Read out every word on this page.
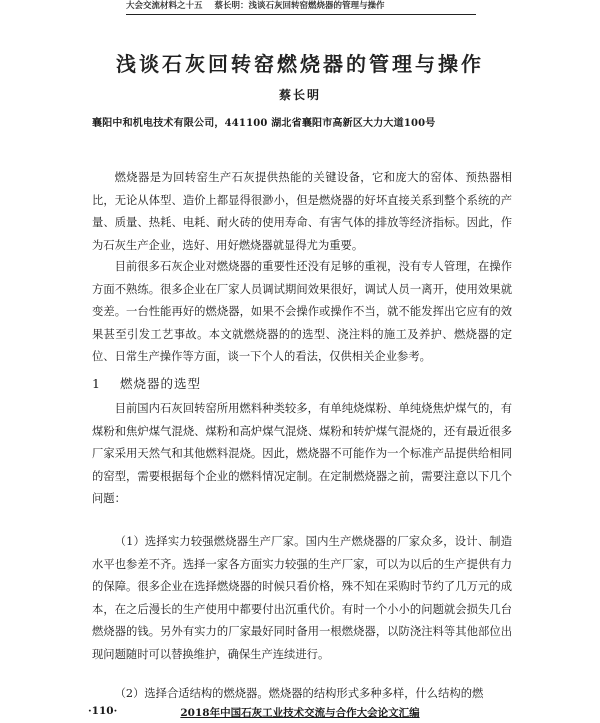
大会交流材料之十五 蔡长明：浅谈石灰回转窑燃烧器的管理与操作
浅谈石灰回转窑燃烧器的管理与操作
蔡长明
襄阳中和机电技术有限公司，441100 湖北省襄阳市高新区大力大道100号

燃烧器是为回转窑生产石灰提供热能的关键设备，它和庞大的窑体、预热器相比，无论从体型、造价上都显得很渺小，但是燃烧器的好坏直接关系到整个系统的产量、质量、热耗、电耗、耐火砖的使用寿命、有害气体的排放等经济指标。因此，作为石灰生产企业，选好、用好燃烧器就显得尤为重要。

目前很多石灰企业对燃烧器的重要性还没有足够的重视，没有专人管理，在操作方面不熟练。很多企业在厂家人员调试期间效果很好，调试人员一离开，使用效果就变差。一台性能再好的燃烧器，如果不会操作或操作不当，就不能发挥出它应有的效果甚至引发工艺事故。本文就燃烧器的的选型、浇注料的施工及养护、燃烧器的定位、日常生产操作等方面，谈一下个人的看法，仅供相关企业参考。

1 燃烧器的选型

目前国内石灰回转窑所用燃料种类较多，有单纯烧煤粉、单纯烧焦炉煤气的，有煤粉和焦炉煤气混烧、煤粉和高炉煤气混烧、煤粉和转炉煤气混烧的，还有最近很多厂家采用天然气和其他燃料混烧。因此，燃烧器不可能作为一个标准产品提供给相同的窑型，需要根据每个企业的燃料情况定制。在定制燃烧器之前，需要注意以下几个问题：

（1）选择实力较强燃烧器生产厂家。国内生产燃烧器的厂家众多，设计、制造水平也参差不齐。选择一家各方面实力较强的生产厂家，可以为以后的生产提供有力的保障。很多企业在选择燃烧器的时候只看价格，殊不知在采购时节约了几万元的成本，在之后漫长的生产使用中都要付出沉重代价。有时一个小小的问题就会损失几台燃烧器的钱。另外有实力的厂家最好同时备用一根燃烧器，以防浇注料等其他部位出现问题随时可以替换维护，确保生产连续进行。

（2）选择合适结构的燃烧器。燃烧器的结构形式多种多样，什么结构的燃

·110·	2018年中国石灰工业技术交流与合作大会论文汇编
